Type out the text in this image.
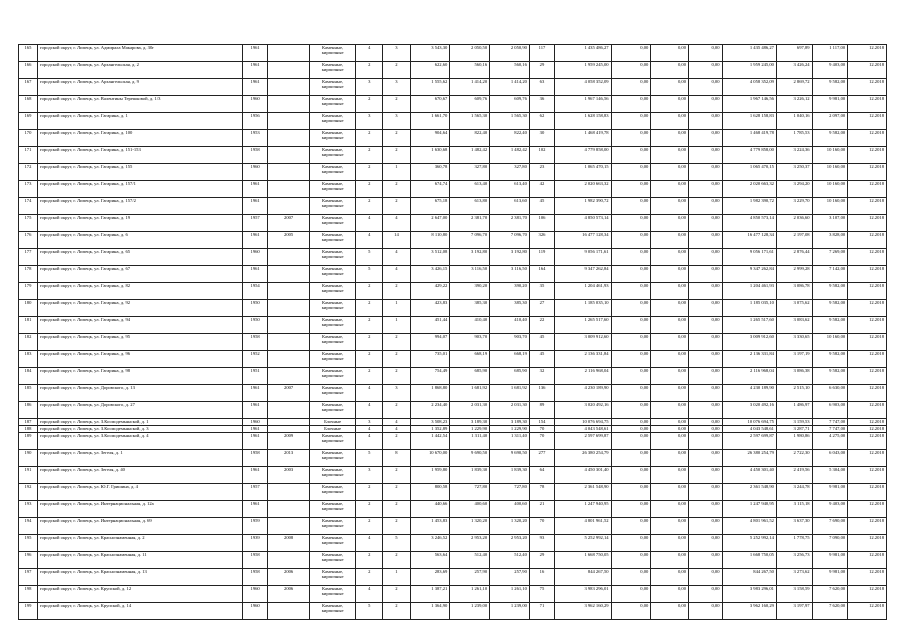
165	городской округ, г. Липецк, ул. Адмирала Макарова, д. 30г	1961		Каменные, кирпичные	4	3	3 543,30	2 050,50	2 050,90	117	1 435 486,27	0,00	0,00	0,00	1 435 486,27	697,89	1 117,00	12.2018
166	городской округ, г. Липецк, ул. Архангельская, д. 2	1961		Каменные, кирпичные	2	2	622,60	560,16	560,16	29	1 959 245,00	0,00	0,00	0,00	1 959 245,00	3 426,24	9 403,00	12.2018
167	городской округ, г. Липецк, ул. Архангельская, д. 9	1961		Каменные, кирпичные	3	3	1 555,62	1 414,20	1 414,20	63	4 058 352,09	0,00	0,00	0,00	4 058 352,09	2 869,72	9 582,00	12.2018
168	городской округ, г. Липецк, ул. Валентины Терешковой, д. 1/3	1960		Каменные, кирпичные	2	2	670,67	609,76	609,76	36	1 967 146,56	0,00	0,00	0,00	1 967 146,56	3 226,12	9 981,00	12.2018
169	городской округ, г. Липецк, ул. Гагарина, д. 1	1956		Каменные, кирпичные	3	3	1 661,70	1 565,30	1 565,30	62	1 628 158,83	0,00	0,00	0,00	1 628 158,83	1 040,16	2 097,00	12.2018
170	городской округ, г. Липецк, ул. Гагарина, д. 100	1953		Каменные, кирпичные	2	2	904,64	822,40	822,40	30	1 468 419,78	0,00	0,00	0,00	1 468 419,78	1 785,53	9 582,00	12.2018
171	городской округ, г. Липецк, ул. Гагарина, д. 151-153	1958		Каменные, кирпичные	2	2	1 630,68	1 482,42	1 482,42	102	4 779 858,00	0,00	0,00	0,00	4 779 858,00	3 224,36	10 160,00	12.2018
172	городской округ, г. Липецк, ул. Гагарина, д. 155	1960		Каменные, кирпичные	2	1	360,78	327,80	327,80	23	1 065 470,15	0,00	0,00	0,00	1 065 470,15	3 250,37	10 160,00	12.2018
173	городской округ, г. Липецк, ул. Гагарина, д. 157/1	1961		Каменные, кирпичные	2	2	674,74	613,40	613,40	42	2 020 663,32	0,00	0,00	0,00	2 020 663,32	3 294,20	10 160,00	12.2018
174	городской округ, г. Липецк, ул. Гагарина, д. 157/2	1961		Каменные, кирпичные	2	2	675,18	613,80	613,60	45	1 982 390,72	0,00	0,00	0,00	1 982 390,72	3 229,70	10 160,00	12.2018
175	городской округ, г. Липецк, ул. Гагарина, д. 19	1957	2007	Каменные, кирпичные	4	4	2 647,00	2 381,70	2 381,70	106	4 850 573,14	0,00	0,00	0,00	4 850 573,14	2 036,60	3 107,00	12.2018
176	городской округ, г. Липецк, ул. Гагарина, д. 6	1961	2005	Каменные, кирпичные	4	14	8 110,80	7 096,70	7 096,70	326	16 477 128,34	0,00	0,00	0,00	16 477 128,34	2 197,08	3 828,00	12.2018
177	городской округ, г. Липецк, ул. Гагарина, д. 65	1960		Каменные, кирпичные	5	4	3 512,08	3 192,80	3 192,80	119	9 056 171,61	0,00	0,00	0,00	9 056 171,61	2 876,44	7 269,00	12.2018
178	городской округ, г. Липецк, ул. Гагарина, д. 67	1961		Каменные, кирпичные	5	4	3 426,15	3 116,50	3 116,50	164	9 347 262,84	0,00	0,00	0,00	9 347 262,84	2 999,28	7 142,00	12.2018
179	городской округ, г. Липецк, ул. Гагарина, д. 82	1954		Каменные, кирпичные	2	2	429,22	390,20	390,20	35	1 204 461,93	0,00	0,00	0,00	1 204 461,93	3 086,78	9 582,00	12.2018
180	городской округ, г. Липецк, ул. Гагарина, д. 92	1950		Каменные, кирпичные	2	1	423,83	385,30	385,30	27	1 185 035,10	0,00	0,00	0,00	1 185 035,10	3 075,62	9 582,00	12.2018
181	городской округ, г. Липецк, ул. Гагарина, д. 94	1950		Каменные, кирпичные	2	1	451,44	410,40	410,40	22	1 265 517,60	0,00	0,00	0,00	1 265 517,60	3 083,62	9 582,00	12.2018
182	городской округ, г. Липецк, ул. Гагарина, д. 95	1958		Каменные, кирпичные	2	2	994,07	903,70	903,70	45	3 009 912,60	0,00	0,00	0,00	3 009 912,60	3 330,65	10 160,00	12.2018
183	городской округ, г. Липецк, ул. Гагарина, д. 96	1952		Каменные, кирпичные	2	2	735,01	668,19	668,19	45	2 136 331,84	0,00	0,00	0,00	2 136 331,84	3 197,19	9 582,00	12.2018
184	городской округ, г. Липецк, ул. Гагарина, д. 98	1951		Каменные, кирпичные	2	2	754,49	685,90	685,90	32	2 116 968,04	0,00	0,00	0,00	2 116 968,04	3 086,38	9 582,00	12.2018
185	городской округ, г. Липецк, ул. Доровского, д. 13	1961	2007	Каменные, кирпичные	4	3	1 868,80	1 681,92	1 681,92	136	4 230 189,90	0,00	0,00	0,00	4 230 189,90	2 515,10	6 630,00	12.2018
186	городской округ, г. Липецк, ул. Доровского, д. 27	1961		Каменные, кирпичные	4	2	2 234,40	2 031,30	2 031,30	89	3 020 492,16	0,00	0,00	0,00	3 020 492,16	1 486,97	6 903,00	12.2018
187	городской округ, г. Липецк, ул. З.Космодемьянской, д. 1	1960		Блочные	3	4	3 508,23	3 189,30	3 189,30	154	10 076 694,75	0,00	0,00	0,00	10 076 694,75	3 159,53	7 747,00	12.2018
188	городской округ, г. Липецк, ул. З.Космодемьянской, д. 3	1961		Блочные	4	4	1 352,89	1 229,90	1 229,90	70	4 043 548,61	0,00	0,00	0,00	4 043 548,61	3 287,71	7 747,00	12.2018
189	городской округ, г. Липецк, ул. З.Космодемьянской, д. 4	1961	2009	Каменные, кирпичные	4	2	1 442,54	1 311,40	1 311,40	70	2 597 699,87	0,00	0,00	0,00	2 597 699,87	1 980,86	4 275,00	12.2018
190	городской округ, г. Липецк, ул. Зегеля, д. 1	1958	2013	Каменные, кирпичные	5	8	10 670,00	9 690,50	9 690,50	277	26 380 254,79	0,00	0,00	0,00	26 380 254,79	2 722,30	6 043,00	12.2018
191	городской округ, г. Липецк, ул. Зегеля, д. 40	1961	2003	Каменные, кирпичные	3	2	1 959,80	1 839,30	1 839,30	64	4 450 301,40	0,00	0,00	0,00	4 450 301,40	2 419,56	5 304,00	12.2018
192	городской округ, г. Липецк, ул. Ю.Г. Гришина, д. 4	1957		Каменные, кирпичные	2	2	800,58	727,80	727,80	78	2 361 548,90	0,00	0,00	0,00	2 361 548,90	3 244,78	9 981,00	12.2018
193	городской округ, г. Липецк, ул. Интернациональная, д. 12а	1961		Каменные, кирпичные	2	2	440,66	400,60	400,60	21	1 247 940,95	0,00	0,00	0,00	1 247 940,95	3 115,18	9 403,00	12.2018
194	городской округ, г. Липецк, ул. Интернациональная, д. 69	1959		Каменные, кирпичные	2	2	1 453,83	1 320,20	1 320,20	70	4 801 961,52	0,00	0,00	0,00	4 801 961,52	3 637,30	7 690,00	12.2018
195	городской округ, г. Липецк, ул. Краснознаменная, д. 2	1939	2008	Каменные, кирпичные	4	5	3 246,52	2 953,20	2 953,20	93	5 252 992,14	0,00	0,00	0,00	5 252 992,14	1 778,75	7 090,00	12.2018
196	городской округ, г. Липецк, ул. Краснознаменная, д. 11	1958		Каменные, кирпичные	2	2	563,64	512,40	512,40	29	1 668 750,05	0,00	0,00	0,00	1 668 750,05	3 256,73	9 981,00	12.2018
197	городской округ, г. Липецк, ул. Краснознаменная, д. 13	1958	2006	Каменные, кирпичные	2	1	283,69	257,90	257,90	16	844 267,50	0,00	0,00	0,00	844 267,50	3 273,62	9 981,00	12.2018
198	городской округ, г. Липецк, ул. Крупской, д. 12	1960	2006	Каменные, кирпичные	4	2	1 387,21	1 261,10	1 261,10	75	3 983 296,01	0,00	0,00	0,00	3 983 296,01	3 158,59	7 620,00	12.2018
199	городской округ, г. Липецк, ул. Крупской, д. 14	1960		Каменные, кирпичные	5	2	1 364,90	1 239,00	1 239,00	71	3 962 160,29	0,00	0,00	0,00	3 962 160,29	3 197,97	7 620,00	12.2018
